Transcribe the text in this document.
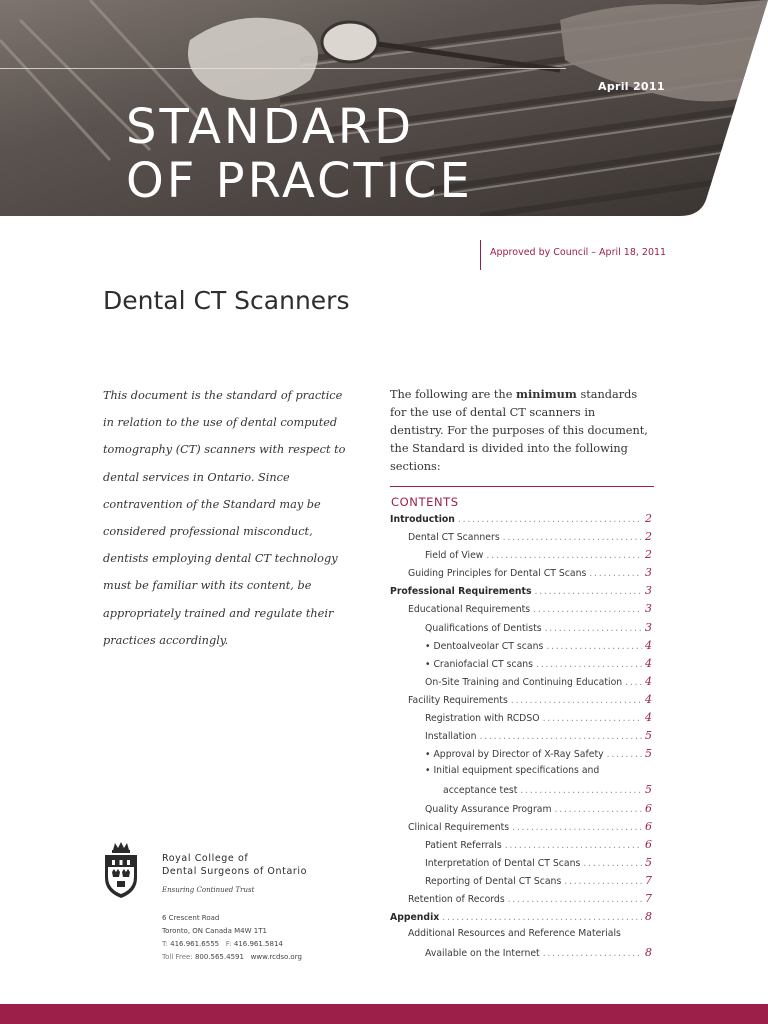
April 2011
STANDARD
OF PRACTICE
Approved by Council – April 18, 2011
Dental CT Scanners

This document is the standard of practice in relation to the use of dental computed tomography (CT) scanners with respect to dental services in Ontario. Since contravention of the Standard may be considered professional misconduct, dentists employing dental CT technology must be familiar with its content, be appropriately trained and regulate their practices accordingly.

The following are the minimum standards for the use of dental CT scanners in dentistry. For the purposes of this document, the Standard is divided into the following sections:

CONTENTS
Introduction . . .	2
Dental CT Scanners . . .	2
Field of View . . .	2
Guiding Principles for Dental CT Scans . . .	3
Professional Requirements . . .	3
Educational Requirements . . .	3
Qualifications of Dentists . . .	3
• Dentoalveolar CT scans . . .	4
• Craniofacial CT scans . . .	4
On-Site Training and Continuing Education . . . 4
Facility Requirements . . .	4
Registration with RCDSO . . .	4
Installation . . .	5
• Approval by Director of X-Ray Safety . . .	5
• Initial equipment specifications and
acceptance test . . .	5
Quality Assurance Program . . .	6
Clinical Requirements . . .	6
Patient Referrals . . .	6
Interpretation of Dental CT Scans . . .	5
Reporting of Dental CT Scans . . .	7
Retention of Records . . .	7
Appendix . . .	8
Additional Resources and Reference Materials
Available on the Internet . . .	8
Royal College of
Dental Surgeons of Ontario
Ensuring Continued Trust
6 Crescent Road
Toronto, ON Canada M4W 1T1
T: 416.961.6555 F: 416.961.5814
Toll Free: 800.565.4591 www.rcdso.org
